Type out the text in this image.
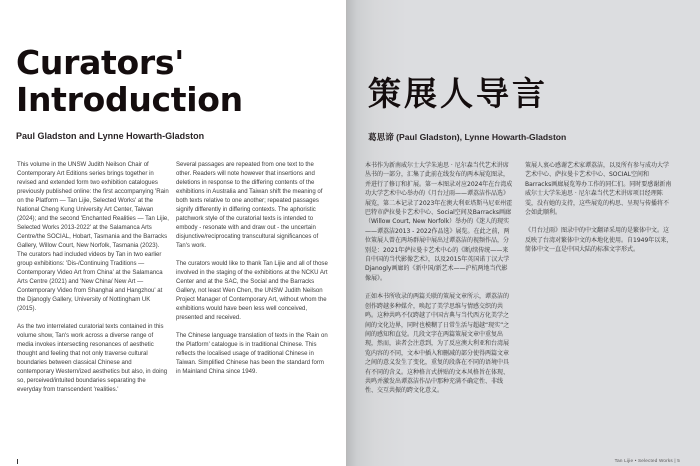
Curators'
Introduction

Paul Gladston and Lynne Howarth-Gladston

This volume in the UNSW Judith Neilson Chair of Contemporary Art Editions series brings together in revised and extended form two exhibition catalogues previously published online: the first accompanying 'Rain on the Platform — Tan Lijie, Selected Works' at the National Cheng Kung University Art Center, Taiwan (2024); and the second 'Enchanted Realities — Tan Lijie, Selected Works 2013-2022' at the Salamanca Arts Centre/the SOCIAL, Hobart, Tasmania and the Barracks Gallery, Willow Court, New Norfolk, Tasmania (2023). The curators had included videos by Tan in two earlier group exhibitions: 'Dis-/Continuing Traditions — Contemporary Video Art from China' at the Salamanca Arts Centre (2021) and 'New China/ New Art — Contemporary Video from Shanghai and Hangzhou' at the Djanogly Gallery, University of Nottingham UK (2015).

As the two interrelated curatorial texts contained in this volume show, Tan's work across a diverse range of media invokes intersecting resonances of aesthetic thought and feeling that not only traverse cultural boundaries between classical Chinese and contemporary Western/ized aesthetics but also, in doing so, perceived/intuited boundaries separating the everyday from transcendent 'realities.'

Several passages are repeated from one text to the other. Readers will note however that insertions and deletions in response to the differing contents of the exhibitions in Australia and Taiwan shift the meaning of both texts relative to one another; repeated passages signify differently in differing contexts. The aphoristic patchwork style of the curatorial texts is intended to embody - resonate with and draw out - the uncertain disjunctive/reciprocating transcultural significances of Tan's work.

The curators would like to thank Tan Lijie and all of those involved in the staging of the exhibitions at the NCKU Art Center and at the SAC, the Social and the Barracks Gallery, not least Wen Chen, the UNSW Judith Neilson Project Manager of Contemporary Art, without whom the exhibitions would have been less well conceived, presented and received.

The Chinese language translation of texts in the 'Rain on the Platform' catalogue is in traditional Chinese. This reflects the localised usage of traditional Chinese in Taiwan. Simplified Chinese has been the standard form in Mainland China since 1949.

策展人导言

葛思谛 (Paul Gladston), Lynne Howarth-Gladston

本书作为新南威尔士大学朱迪思 · 尼尔森当代艺术讲席丛书的一部分，汇集了此前在线发布的两本展览图录，并进行了修订和扩展。第一本图录对应2024年在台湾成功大学艺术中心举办的《月台过雨——谭荔洁作品选》展览，第二本记录了2023年在澳大利亚塔斯马尼亚州霍巴特市萨拉曼卡艺术中心、Social空间及Barracks画廊（Willow Court, New Norfolk）举办的《迷人的现实——谭荔洁2013 - 2022作品选》展览。在此之前，两位策展人曾在两场群展中展出过谭荔洁的视频作品，分别是：2021年萨拉曼卡艺术中心的《断/续传统——来自中国的当代影像艺术》，以及2015年英国诺丁汉大学Djanogly画廊的《新中国/新艺术——沪杭两地当代影像展》。

正如本书所收录的两篇关联的策展文章所示，谭荔洁的创作跨越多种媒介，唤起了美学思维与情感交织的共鸣。这种共鸣不仅跨越了中国古典与当代西方化美学之间的文化边界，同时也模糊了日常生活与超越“现实”之间的感知和直觉。几段文字在两篇策展文章中重复出现，然而，读者会注意到，为了反应澳大利亚和台湾展览内容的不同，文本中插入和删减的部分使得两篇文章之间的意义发生了变化，重复的段落在不同的语境中具有不同的含义。这种格言式拼贴的文本风格旨在体现、共鸣并激发出谭荔洁作品中那种充满不确定性、非线性、交互共振的跨文化意义。

策展人衷心感谢艺术家谭荔洁，以及所有参与成功大学艺术中心、萨拉曼卡艺术中心、SOCIAL空间和Barracks画廊展览筹办工作的同仁们。同时要感谢新南威尔士大学朱迪思 · 尼尔森当代艺术讲席项目经理陈雯，没有她的支持，这些展览的构思、呈现与传播将不会如此顺利。

《月台过雨》图录中的中文翻译采用的是繁体中文。这反映了台湾对繁体中文的本地化使用。自1949年以来，简体中文一直是中国大陆的标准文字形式。

Tan Lijie • Selected Works | 5
